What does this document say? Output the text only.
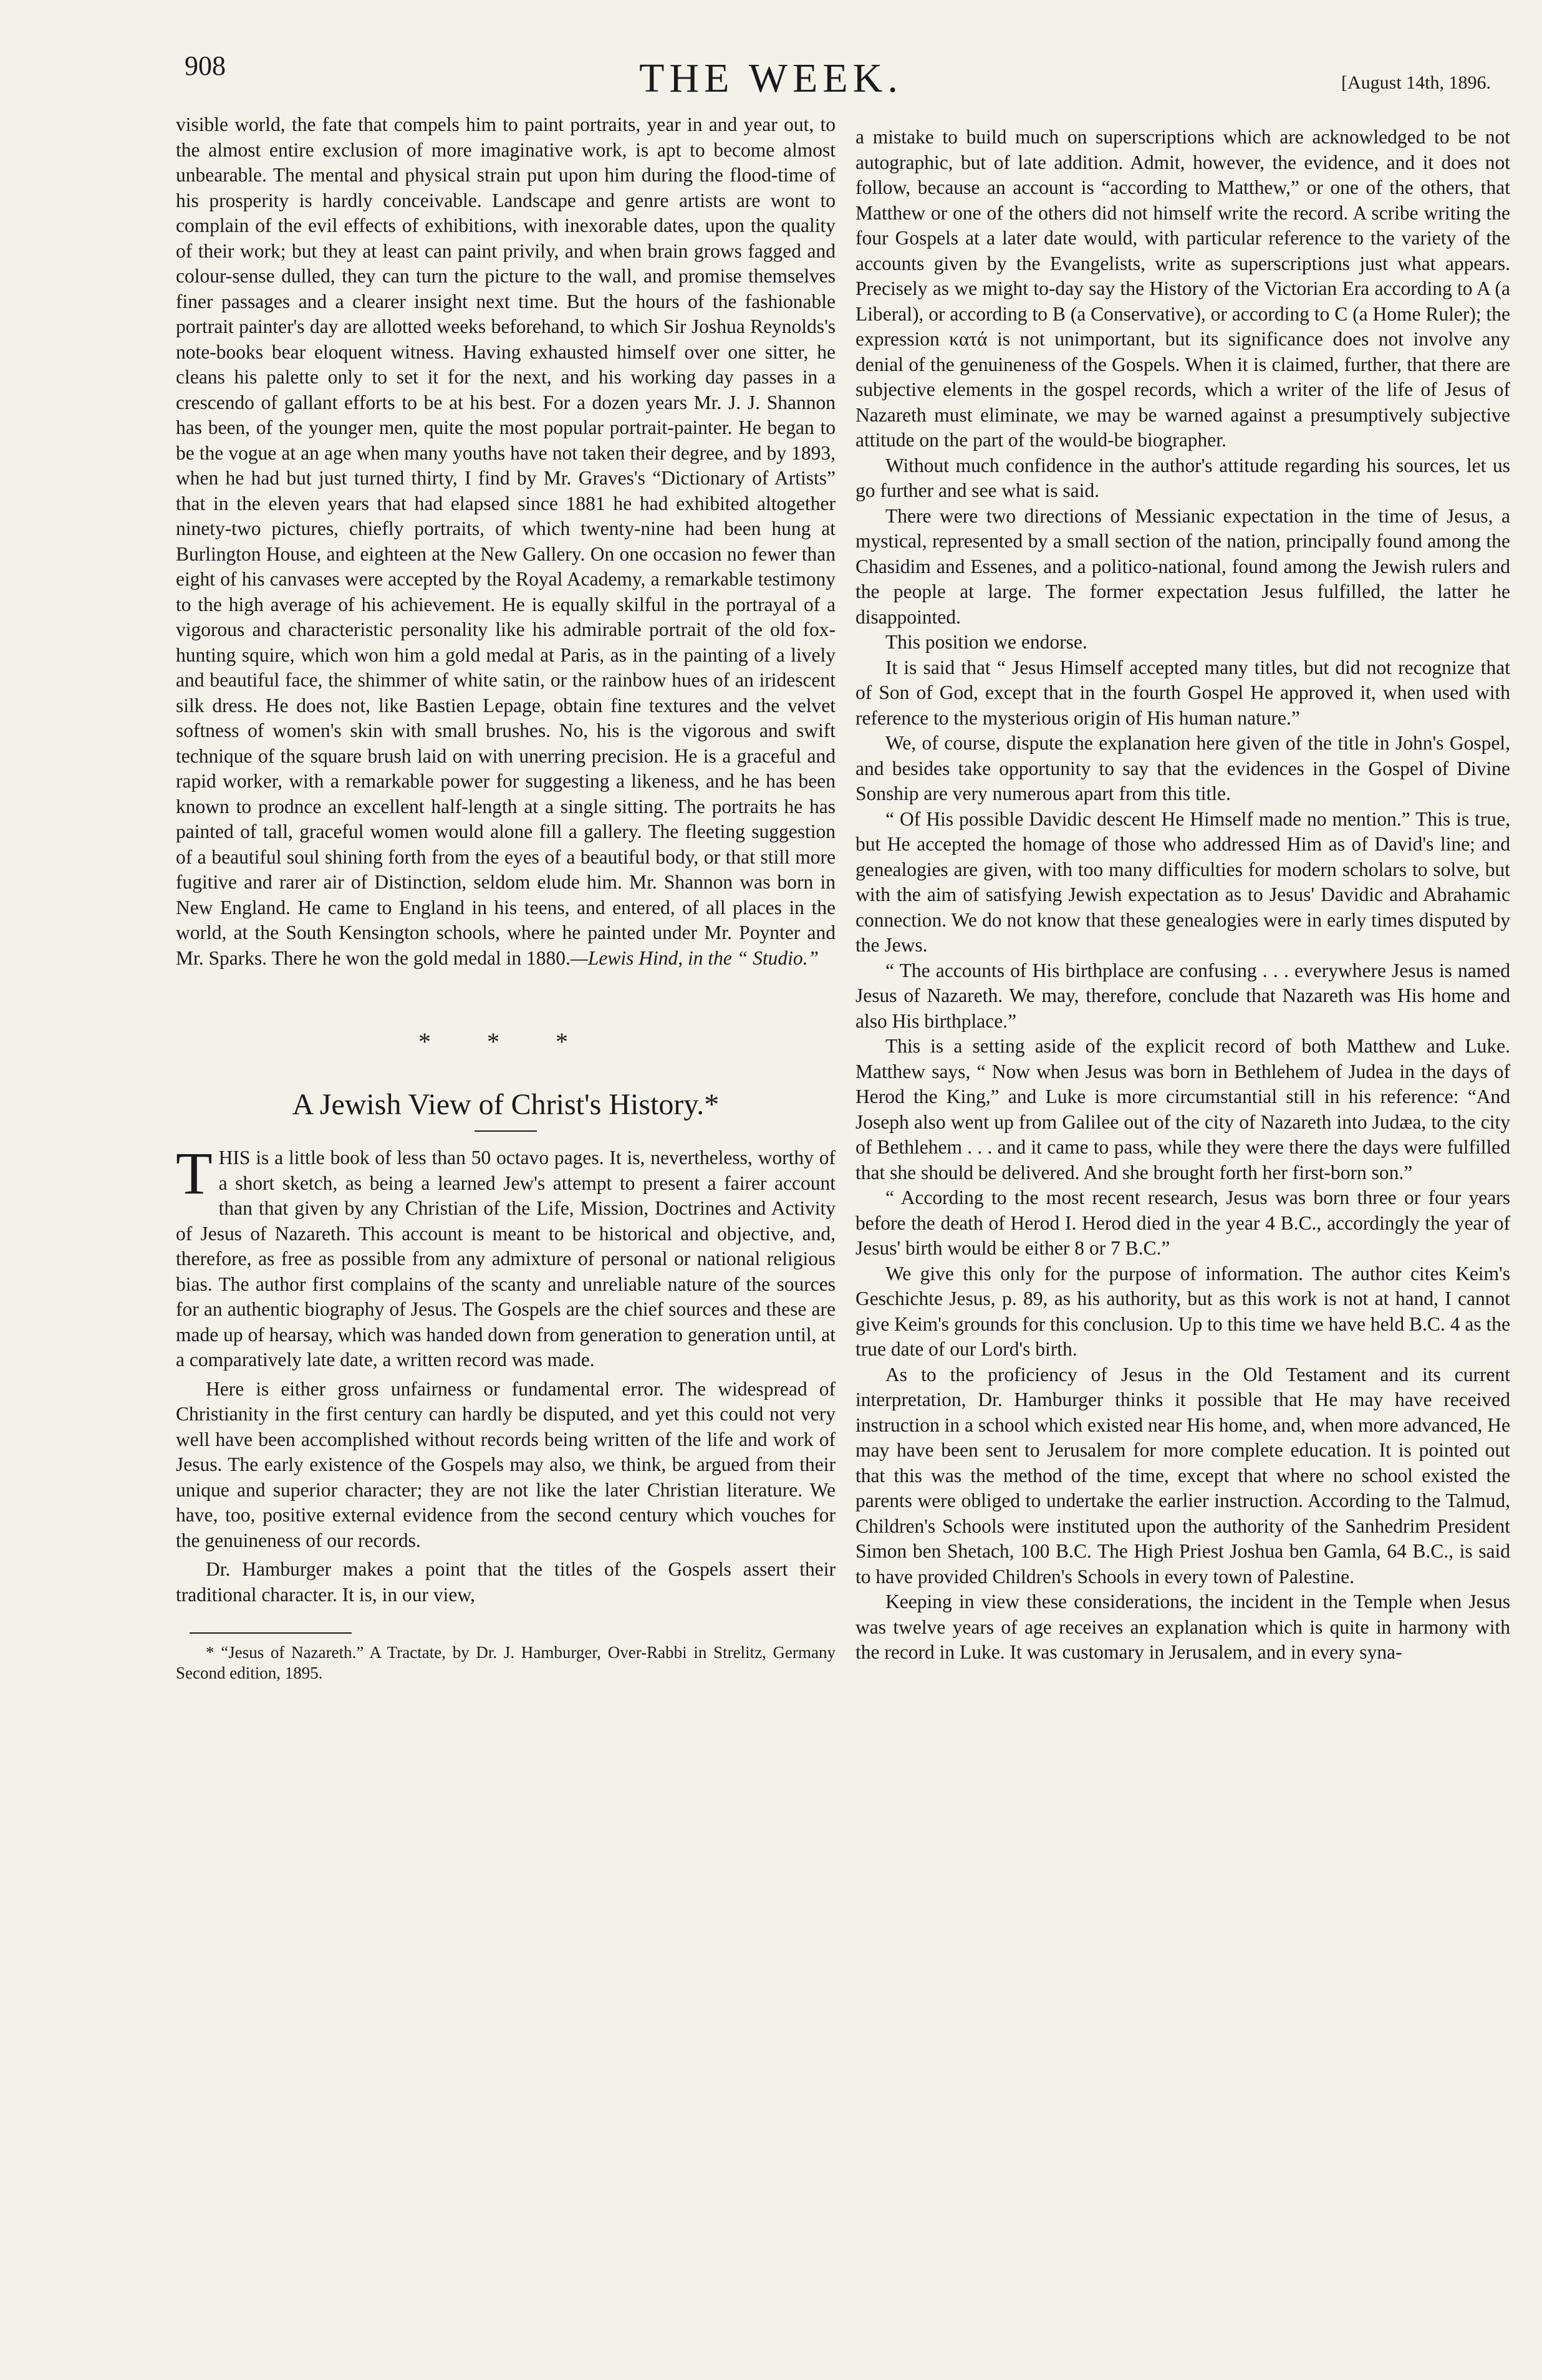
908	THE WEEK.	[August 14th, 1896.

visible world, the fate that compels him to paint portraits, year in and year out, to the almost entire exclusion of more imaginative work, is apt to become almost unbearable. The mental and physical strain put upon him during the flood-time of his prosperity is hardly conceivable. Landscape and genre artists are wont to complain of the evil effects of exhibitions, with inexorable dates, upon the quality of their work; but they at least can paint privily, and when brain grows fagged and colour-sense dulled, they can turn the picture to the wall, and promise themselves finer passages and a clearer insight next time. But the hours of the fashionable portrait painter's day are allotted weeks beforehand, to which Sir Joshua Reynolds's note-books bear eloquent witness. Having exhausted himself over one sitter, he cleans his palette only to set it for the next, and his working day passes in a crescendo of gallant efforts to be at his best. For a dozen years Mr. J. J. Shannon has been, of the younger men, quite the most popular portrait-painter. He began to be the vogue at an age when many youths have not taken their degree, and by 1893, when he had but just turned thirty, I find by Mr. Graves's “Dictionary of Artists” that in the eleven years that had elapsed since 1881 he had exhibited altogether ninety-two pictures, chiefly portraits, of which twenty-nine had been hung at Burlington House, and eighteen at the New Gallery. On one occasion no fewer than eight of his canvases were accepted by the Royal Academy, a remarkable testimony to the high average of his achievement. He is equally skilful in the portrayal of a vigorous and characteristic personality like his admirable portrait of the old fox-hunting squire, which won him a gold medal at Paris, as in the painting of a lively and beautiful face, the shimmer of white satin, or the rainbow hues of an iridescent silk dress. He does not, like Bastien Lepage, obtain fine textures and the velvet softness of women's skin with small brushes. No, his is the vigorous and swift technique of the square brush laid on with unerring precision. He is a graceful and rapid worker, with a remarkable power for suggesting a likeness, and he has been known to prodnce an excellent half-length at a single sitting. The portraits he has painted of tall, graceful women would alone fill a gallery. The fleeting suggestion of a beautiful soul shining forth from the eyes of a beautiful body, or that still more fugitive and rarer air of Distinction, seldom elude him. Mr. Shannon was born in New England. He came to England in his teens, and entered, of all places in the world, at the South Kensington schools, where he painted under Mr. Poynter and Mr. Sparks. There he won the gold medal in 1880.—Lewis Hind, in the “ Studio.”

* * *
A Jewish View of Christ's History.*

THIS is a little book of less than 50 octavo pages. It is, nevertheless, worthy of a short sketch, as being a learned Jew's attempt to present a fairer account than that given by any Christian of the Life, Mission, Doctrines and Activity of Jesus of Nazareth. This account is meant to be historical and objective, and, therefore, as free as possible from any admixture of personal or national religious bias. The author first complains of the scanty and unreliable nature of the sources for an authentic biography of Jesus. The Gospels are the chief sources and these are made up of hearsay, which was handed down from generation to generation until, at a comparatively late date, a written record was made.

Here is either gross unfairness or fundamental error. The widespread of Christianity in the first century can hardly be disputed, and yet this could not very well have been accomplished without records being written of the life and work of Jesus. The early existence of the Gospels may also, we think, be argued from their unique and superior character; they are not like the later Christian literature. We have, too, positive external evidence from the second century which vouches for the genuineness of our records.

Dr. Hamburger makes a point that the titles of the Gospels assert their traditional character. It is, in our view,

* “Jesus of Nazareth.” A Tractate, by Dr. J. Hamburger, Over-Rabbi in Strelitz, Germany Second edition, 1895.

a mistake to build much on superscriptions which are acknowledged to be not autographic, but of late addition. Admit, however, the evidence, and it does not follow, because an account is “according to Matthew,” or one of the others, that Matthew or one of the others did not himself write the record. A scribe writing the four Gospels at a later date would, with particular reference to the variety of the accounts given by the Evangelists, write as superscriptions just what appears. Precisely as we might to-day say the History of the Victorian Era according to A (a Liberal), or according to B (a Conservative), or according to C (a Home Ruler); the expression κατά is not unimportant, but its significance does not involve any denial of the genuineness of the Gospels. When it is claimed, further, that there are subjective elements in the gospel records, which a writer of the life of Jesus of Nazareth must eliminate, we may be warned against a presumptively subjective attitude on the part of the would-be biographer.

Without much confidence in the author's attitude regarding his sources, let us go further and see what is said.

There were two directions of Messianic expectation in the time of Jesus, a mystical, represented by a small section of the nation, principally found among the Chasidim and Essenes, and a politico-national, found among the Jewish rulers and the people at large. The former expectation Jesus fulfilled, the latter he disappointed.

This position we endorse.

It is said that “ Jesus Himself accepted many titles, but did not recognize that of Son of God, except that in the fourth Gospel He approved it, when used with reference to the mysterious origin of His human nature.”

We, of course, dispute the explanation here given of the title in John's Gospel, and besides take opportunity to say that the evidences in the Gospel of Divine Sonship are very numerous apart from this title.

“ Of His possible Davidic descent He Himself made no mention.” This is true, but He accepted the homage of those who addressed Him as of David's line; and genealogies are given, with too many difficulties for modern scholars to solve, but with the aim of satisfying Jewish expectation as to Jesus' Davidic and Abrahamic connection. We do not know that these genealogies were in early times disputed by the Jews.

“ The accounts of His birthplace are confusing . . . everywhere Jesus is named Jesus of Nazareth. We may, therefore, conclude that Nazareth was His home and also His birthplace.”

This is a setting aside of the explicit record of both Matthew and Luke. Matthew says, “ Now when Jesus was born in Bethlehem of Judea in the days of Herod the King,” and Luke is more circumstantial still in his reference: “And Joseph also went up from Galilee out of the city of Nazareth into Judæa, to the city of Bethlehem . . . and it came to pass, while they were there the days were fulfilled that she should be delivered. And she brought forth her first-born son.”

“ According to the most recent research, Jesus was born three or four years before the death of Herod I. Herod died in the year 4 B.C., accordingly the year of Jesus' birth would be either 8 or 7 B.C.”

We give this only for the purpose of information. The author cites Keim's Geschichte Jesus, p. 89, as his authority, but as this work is not at hand, I cannot give Keim's grounds for this conclusion. Up to this time we have held B.C. 4 as the true date of our Lord's birth.

As to the proficiency of Jesus in the Old Testament and its current interpretation, Dr. Hamburger thinks it possible that He may have received instruction in a school which existed near His home, and, when more advanced, He may have been sent to Jerusalem for more complete education. It is pointed out that this was the method of the time, except that where no school existed the parents were obliged to undertake the earlier instruction. According to the Talmud, Children's Schools were instituted upon the authority of the Sanhedrim President Simon ben Shetach, 100 B.C. The High Priest Joshua ben Gamla, 64 B.C., is said to have provided Children's Schools in every town of Palestine.

Keeping in view these considerations, the incident in the Temple when Jesus was twelve years of age receives an explanation which is quite in harmony with the record in Luke. It was customary in Jerusalem, and in every syna-
